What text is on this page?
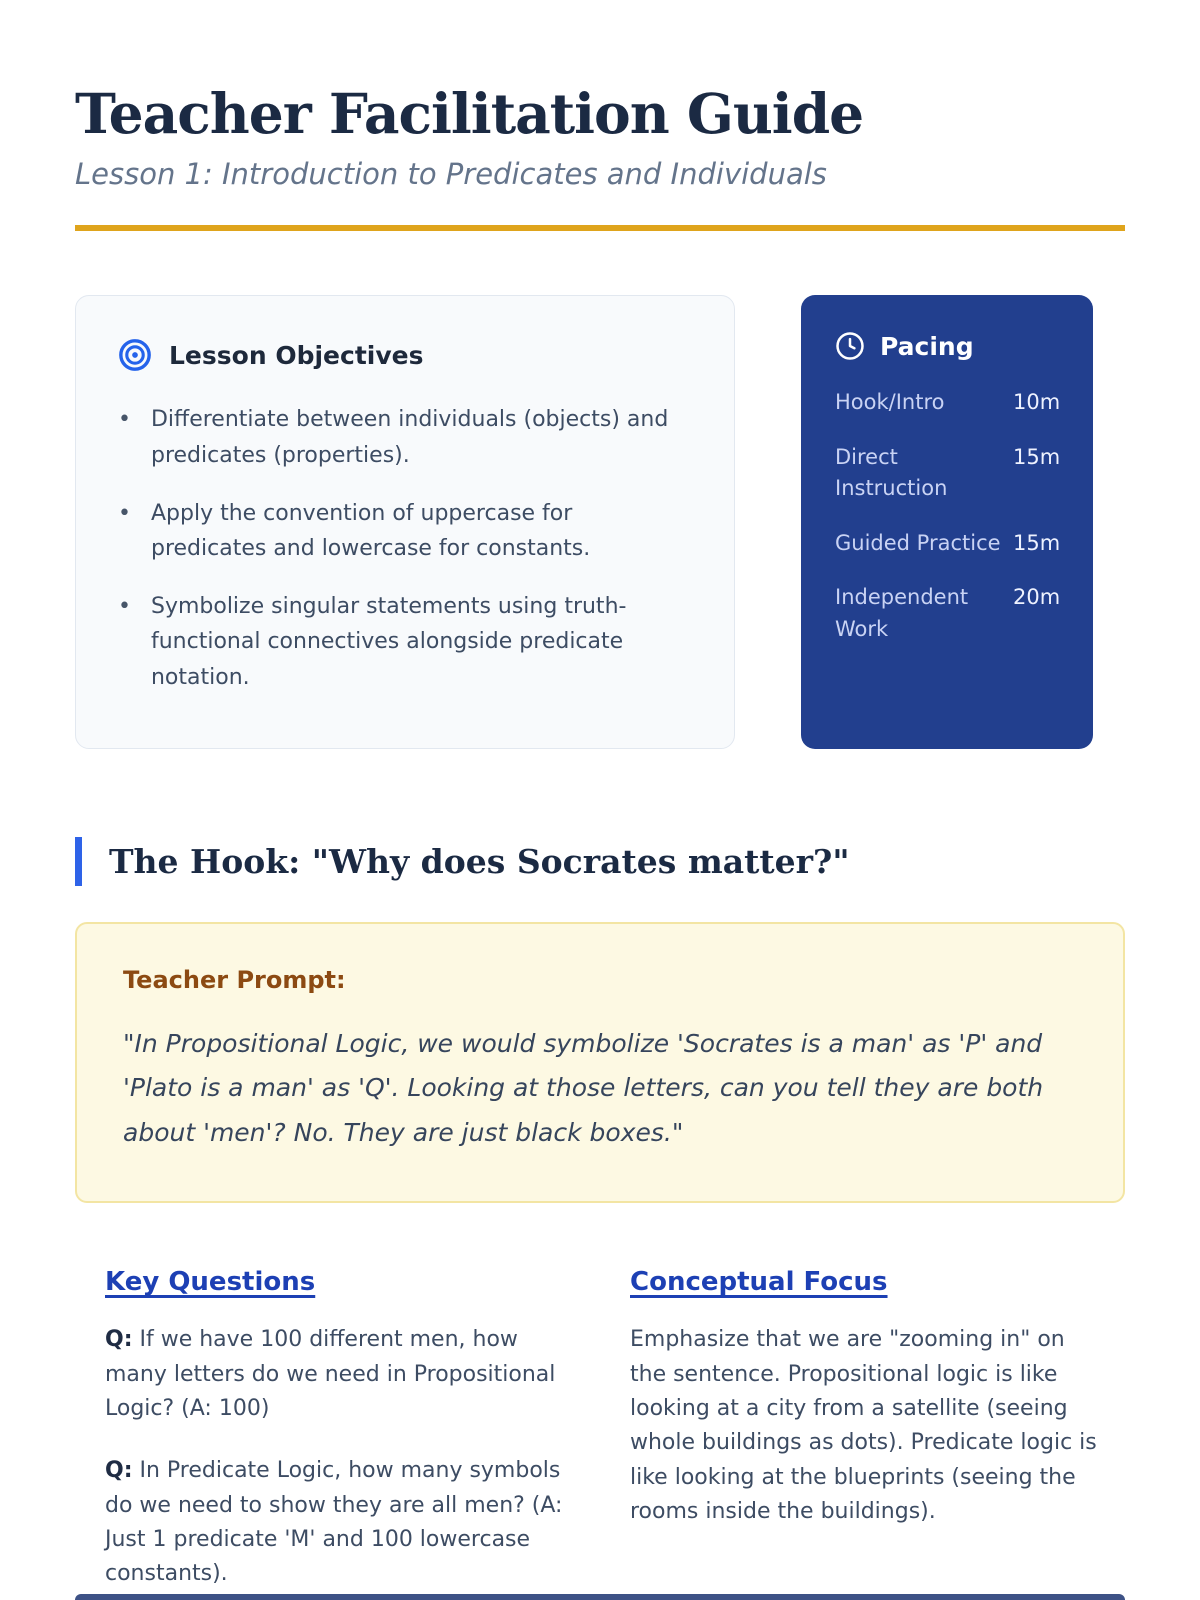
Teacher Facilitation Guide

Lesson 1: Introduction to Predicates and Individuals

Lesson Objectives
• Differentiate between individuals (objects) and predicates (properties).
• Apply the convention of uppercase for predicates and lowercase for constants.
• Symbolize singular statements using truth-functional connectives alongside predicate notation.
Pacing
Hook/Intro	10m
Direct Instruction
15m
Guided Practice 15m
Independent Work
20m
The Hook: "Why does Socrates matter?"
Teacher Prompt:

"In Propositional Logic, we would symbolize 'Socrates is a man' as 'P' and 'Plato is a man' as 'Q'. Looking at those letters, can you tell they are both about 'men'? No. They are just black boxes."

Key Questions

Q: If we have 100 different men, how many letters do we need in Propositional Logic? (A: 100)

Q: In Predicate Logic, how many symbols do we need to show they are all men? (A: Just 1 predicate 'M' and 100 lowercase constants).

Conceptual Focus

Emphasize that we are "zooming in" on the sentence. Propositional logic is like looking at a city from a satellite (seeing whole buildings as dots). Predicate logic is like looking at the blueprints (seeing the rooms inside the buildings).
